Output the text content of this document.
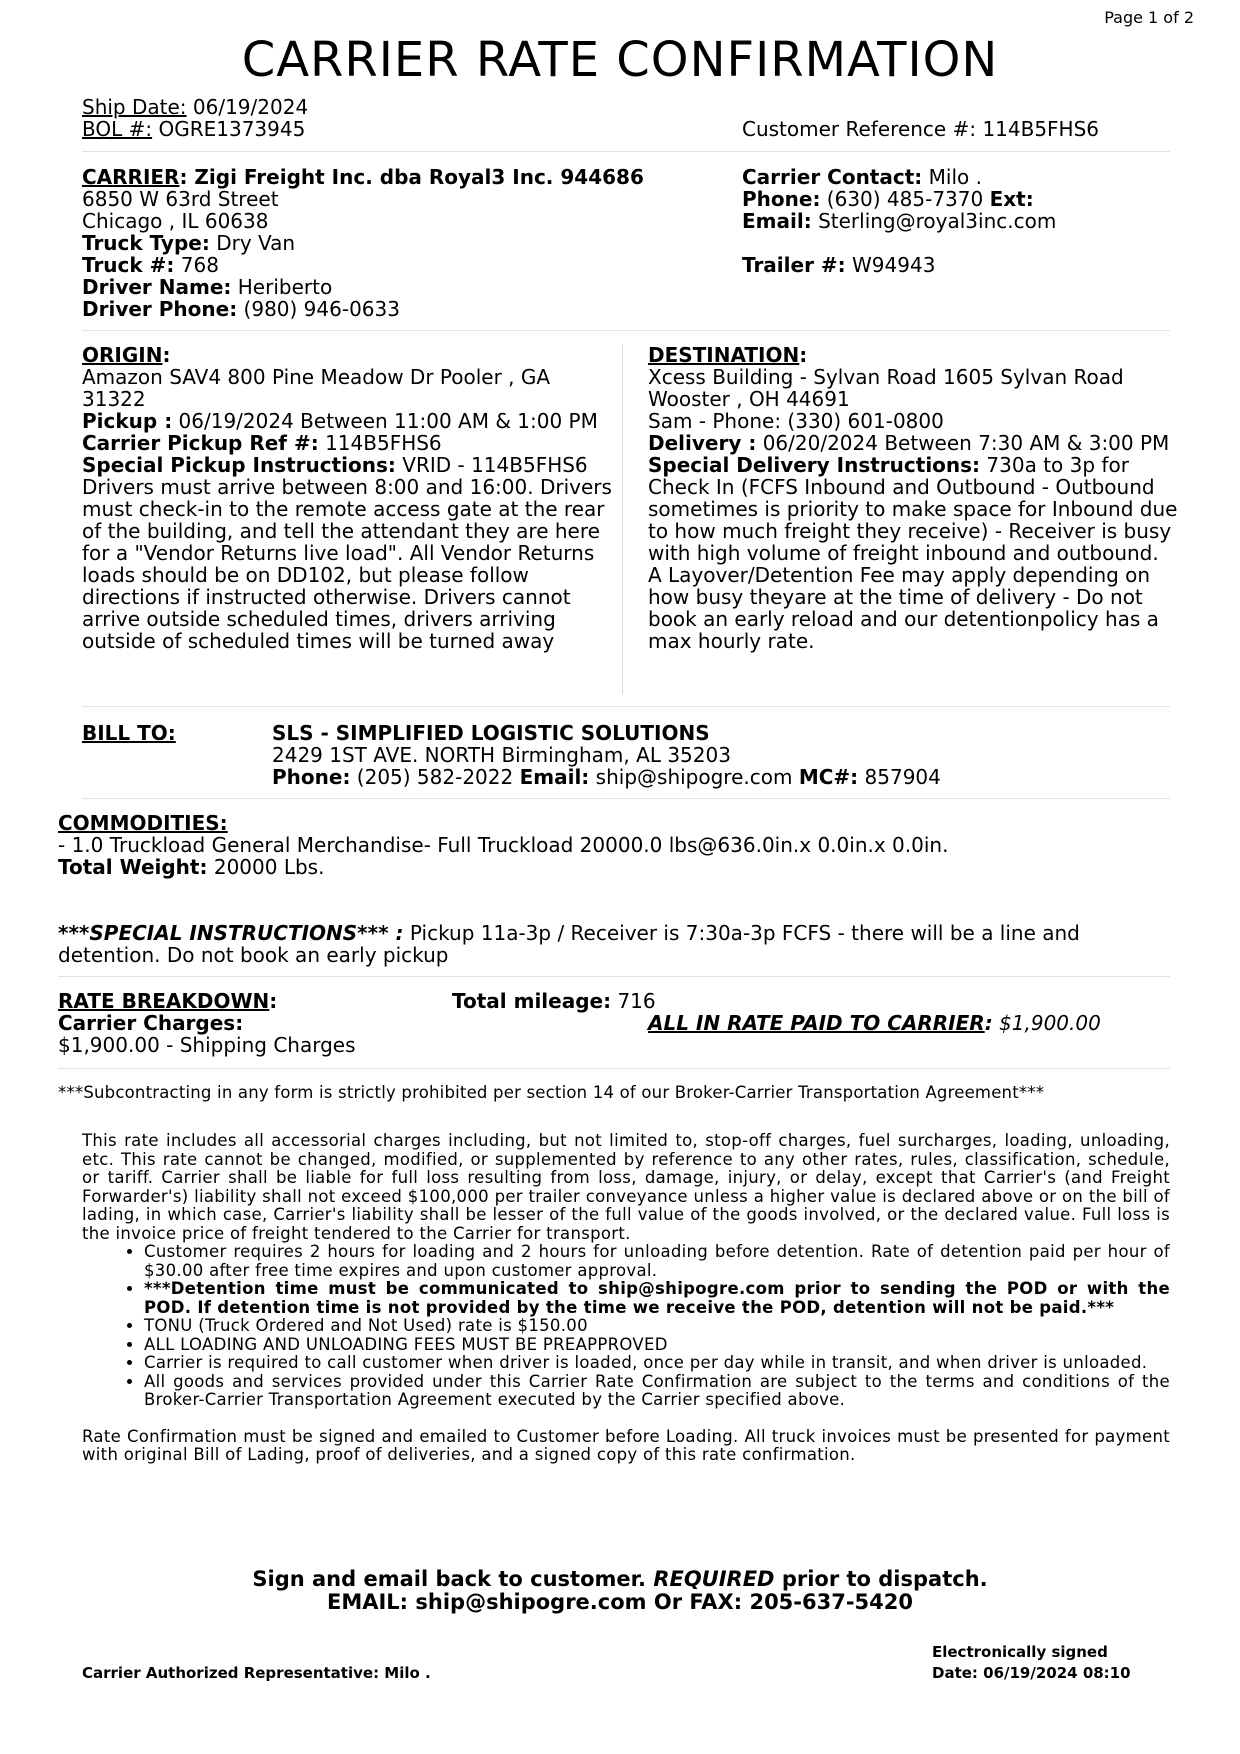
Page 1 of 2
CARRIER RATE CONFIRMATION
Ship Date: 06/19/2024
BOL #: OGRE1373945	Customer Reference #: 114B5FHS6
CARRIER: Zigi Freight Inc. dba Royal3 Inc. 944686
6850 W 63rd Street
Chicago , IL 60638
Truck Type: Dry Van
Truck #: 768
Driver Name: Heriberto
Driver Phone: (980) 946-0633
Carrier Contact: Milo .
Phone: (630) 485-7370 Ext:
Email: Sterling@royal3inc.com
Trailer #: W94943
ORIGIN:
Amazon SAV4 800 Pine Meadow Dr Pooler , GA 31322
Pickup : 06/19/2024 Between 11:00 AM & 1:00 PM
Carrier Pickup Ref #: 114B5FHS6
Special Pickup Instructions: VRID - 114B5FHS6 Drivers must arrive between 8:00 and 16:00. Drivers must check-in to the remote access gate at the rear of the building, and tell the attendant they are here for a "Vendor Returns live load". All Vendor Returns loads should be on DD102, but please follow directions if instructed otherwise. Drivers cannot arrive outside scheduled times, drivers arriving outside of scheduled times will be turned away
DESTINATION:
Xcess Building - Sylvan Road 1605 Sylvan Road Wooster , OH 44691
Sam - Phone: (330) 601-0800
Delivery : 06/20/2024 Between 7:30 AM & 3:00 PM
Special Delivery Instructions: 730a to 3p for Check In (FCFS Inbound and Outbound - Outbound sometimes is priority to make space for Inbound due to how much freight they receive) - Receiver is busy with high volume of freight inbound and outbound. A Layover/Detention Fee may apply depending on how busy theyare at the time of delivery - Do not book an early reload and our detentionpolicy has a max hourly rate.
BILL TO:	SLS - SIMPLIFIED LOGISTIC SOLUTIONS
2429 1ST AVE. NORTH Birmingham, AL 35203
Phone: (205) 582-2022 Email: ship@shipogre.com MC#: 857904
COMMODITIES:
- 1.0 Truckload General Merchandise- Full Truckload 20000.0 lbs@636.0in.x 0.0in.x 0.0in.
Total Weight: 20000 Lbs.
***SPECIAL INSTRUCTIONS*** : Pickup 11a-3p / Receiver is 7:30a-3p FCFS - there will be a line and detention. Do not book an early pickup
RATE BREAKDOWN:
Carrier Charges:
$1,900.00 - Shipping Charges
Total mileage: 716
ALL IN RATE PAID TO CARRIER: $1,900.00
***Subcontracting in any form is strictly prohibited per section 14 of our Broker-Carrier Transportation Agreement***
This rate includes all accessorial charges including, but not limited to, stop-off charges, fuel surcharges, loading, unloading, etc. This rate cannot be changed, modified, or supplemented by reference to any other rates, rules, classification, schedule, or tariff. Carrier shall be liable for full loss resulting from loss, damage, injury, or delay, except that Carrier's (and Freight Forwarder's) liability shall not exceed $100,000 per trailer conveyance unless a higher value is declared above or on the bill of lading, in which case, Carrier's liability shall be lesser of the full value of the goods involved, or the declared value. Full loss is the invoice price of freight tendered to the Carrier for transport.
• Customer requires 2 hours for loading and 2 hours for unloading before detention. Rate of detention paid per hour of $30.00 after free time expires and upon customer approval.
• ***Detention time must be communicated to ship@shipogre.com prior to sending the POD or with the POD. If detention time is not provided by the time we receive the POD, detention will not be paid.***
• TONU (Truck Ordered and Not Used) rate is $150.00
• ALL LOADING AND UNLOADING FEES MUST BE PREAPPROVED
• Carrier is required to call customer when driver is loaded, once per day while in transit, and when driver is unloaded.
• All goods and services provided under this Carrier Rate Confirmation are subject to the terms and conditions of the Broker-Carrier Transportation Agreement executed by the Carrier specified above.
Rate Confirmation must be signed and emailed to Customer before Loading. All truck invoices must be presented for payment with original Bill of Lading, proof of deliveries, and a signed copy of this rate confirmation.
Sign and email back to customer. REQUIRED prior to dispatch.
EMAIL: ship@shipogre.com Or FAX: 205-637-5420
Carrier Authorized Representative: Milo .
Electronically signed
Date: 06/19/2024 08:10
